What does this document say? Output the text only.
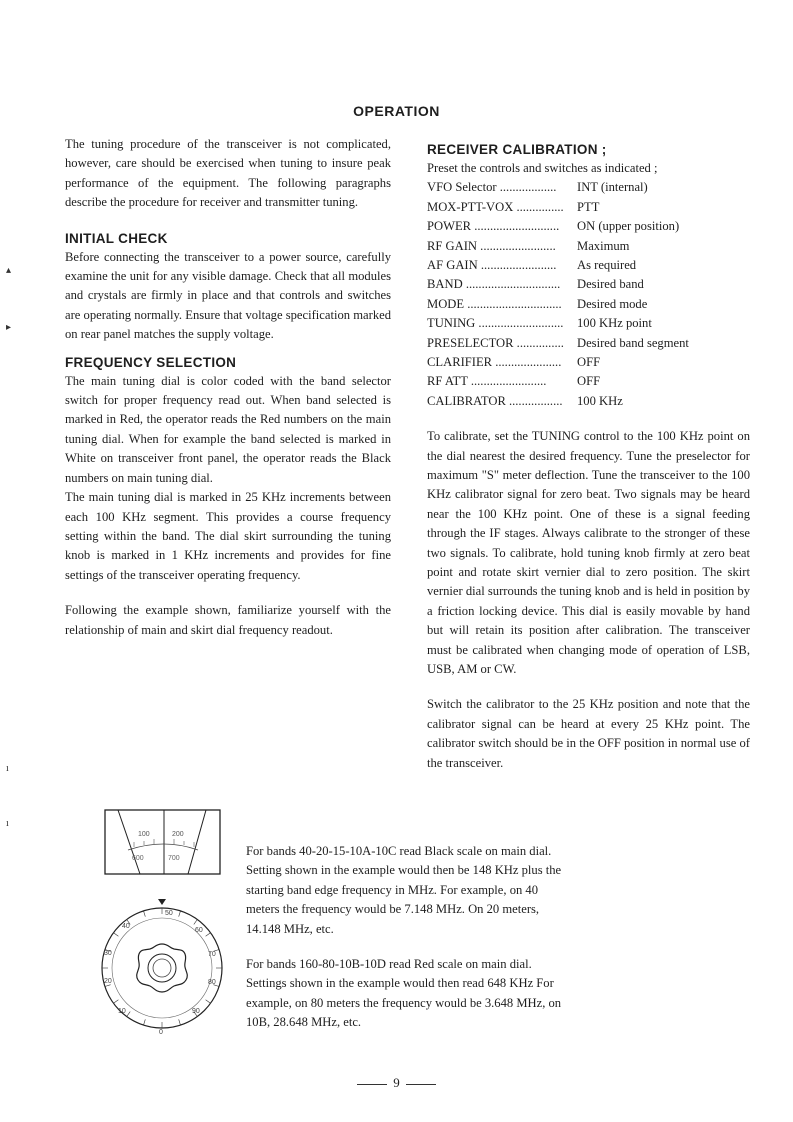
OPERATION

The tuning procedure of the transceiver is not complicated, however, care should be exercised when tuning to insure peak performance of the equipment. The following paragraphs describe the procedure for receiver and transmitter tuning.

INITIAL CHECK

Before connecting the transceiver to a power source, carefully examine the unit for any visible damage. Check that all modules and crystals are firmly in place and that controls and switches are operating normally. Ensure that voltage specification marked on rear panel matches the supply voltage.

FREQUENCY SELECTION

The main tuning dial is color coded with the band selector switch for proper frequency read out. When band selected is marked in Red, the operator reads the Red numbers on the main tuning dial. When for example the band selected is marked in White on transceiver front panel, the operator reads the Black numbers on main tuning dial.

The main tuning dial is marked in 25 KHz increments between each 100 KHz segment. This provides a course frequency setting within the band. The dial skirt surrounding the tuning knob is marked in 1 KHz increments and provides for fine settings of the transceiver operating frequency.

Following the example shown, familiarize yourself with the relationship of main and skirt dial frequency readout.

RECEIVER CALIBRATION ;

Preset the controls and switches as indicated ;

VFO Selector .................. INT (internal)
MOX-PTT-VOX ............... PTT
POWER ........................... ON (upper position)
RF GAIN ........................ Maximum
AF GAIN ........................ As required
BAND .............................. Desired band
MODE .............................. Desired mode
TUNING ........................... 100 KHz point
PRESELECTOR ............... Desired band segment
CLARIFIER ..................... OFF
RF ATT ........................ OFF
CALIBRATOR ................. 100 KHz

To calibrate, set the TUNING control to the 100 KHz point on the dial nearest the desired frequency. Tune the preselector for maximum "S" meter deflection. Tune the transceiver to the 100 KHz calibrator signal for zero beat. Two signals may be heard near the 100 KHz point. One of these is a signal feeding through the IF stages. Always calibrate to the stronger of these two signals. To calibrate, hold tuning knob firmly at zero beat point and rotate skirt vernier dial to zero position. The skirt vernier dial surrounds the tuning knob and is held in position by a friction locking device. This dial is easily movable by hand but will retain its position after calibration. The transceiver must be calibrated when changing mode of operation of LSB, USB, AM or CW.

Switch the calibrator to the 25 KHz position and note that the calibrator signal can be heard at every 25 KHz point. The calibrator switch should be in the OFF position in normal use of the transceiver.

100	200
600	700
0
10
20
30
40
50
60
70
80
90

For bands 40-20-15-10A-10C read Black scale on main dial. Setting shown in the example would then be 148 KHz plus the starting band edge frequency in MHz. For example, on 40 meters the frequency would be 7.148 MHz. On 20 meters, 14.148 MHz, etc.

For bands 160-80-10B-10D read Red scale on main dial. Settings shown in the example would then read 648 KHz For example, on 80 meters the frequency would be 3.648 MHz, on 10B, 28.648 MHz, etc.

▴
▸
ı
ı
9
